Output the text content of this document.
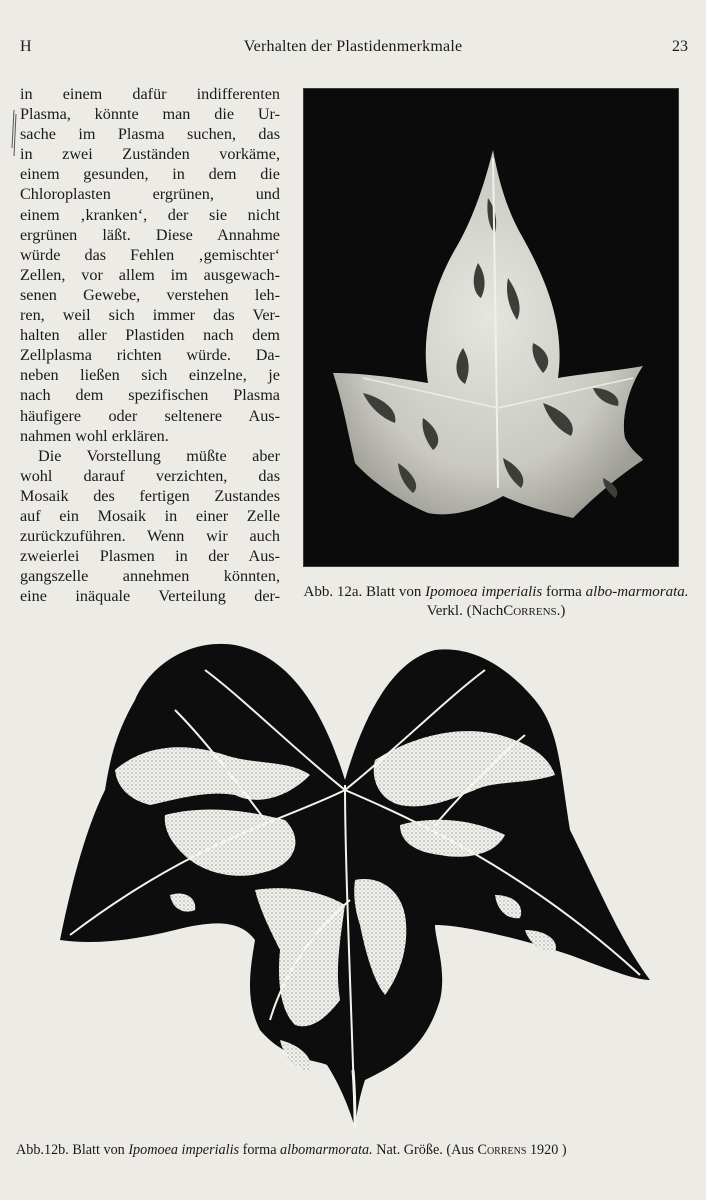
H	Verhalten der Plastidenmerkmale	23
in einem dafür indifferenten
Plasma, könnte man die Ur-
sache im Plasma suchen, das
in zwei Zuständen vorkäme,
einem gesunden, in dem die
Chloroplasten ergrünen, und
einem ‚kranken‘, der sie nicht
ergrünen läßt. Diese Annahme
würde das Fehlen ‚gemischter‘
Zellen, vor allem im ausgewach-
senen Gewebe, verstehen leh-
ren, weil sich immer das Ver-
halten aller Plastiden nach dem
Zellplasma richten würde. Da-
neben ließen sich einzelne, je
nach dem spezifischen Plasma
häufigere oder seltenere Aus-
nahmen wohl erklären.
Die Vorstellung müßte aber
wohl darauf verzichten, das
Mosaik des fertigen Zustandes
auf ein Mosaik in einer Zelle
zurückzuführen. Wenn wir auch
zweierlei Plasmen in der Aus-
gangszelle annehmen könnten,
eine inäquale Verteilung der- Abb. 12a. Blatt von Ipomoea imperialis forma albo-marmorata. Verkl. (NachCorrens.)
Abb.12b. Blatt von Ipomoea imperialis forma albomarmorata. Nat. Größe. (Aus Correns 1920 )
